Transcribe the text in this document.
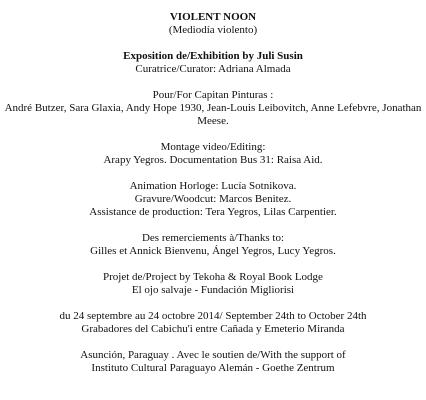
VIOLENT NOON

(Mediodía violento)

Exposition de/Exhibition by Juli Susin

Curatrice/Curator: Adriana Almada

Pour/For Capitan Pinturas :

André Butzer, Sara Glaxia, Andy Hope 1930, Jean-Louis Leibovitch, Anne Lefebvre, Jonathan Meese.

Montage video/Editing:

Arapy Yegros. Documentation Bus 31: Raisa Aid.

Animation Horloge: Lucía Sotnikova.

Gravure/Woodcut: Marcos Benitez.

Assistance de production: Tera Yegros, Lilas Carpentier.

Des remerciements à/Thanks to:

Gilles et Annick Bienvenu, Ángel Yegros, Lucy Yegros.

Projet de/Project by Tekoha & Royal Book Lodge

El ojo salvaje - Fundación Migliorisi

du 24 septembre au 24 octobre 2014/ September 24th to October 24th

Grabadores del Cabichu'i entre Cañada y Emeterio Miranda

Asunción, Paraguay . Avec le soutien de/With the support of

Instituto Cultural Paraguayo Alemán - Goethe Zentrum
